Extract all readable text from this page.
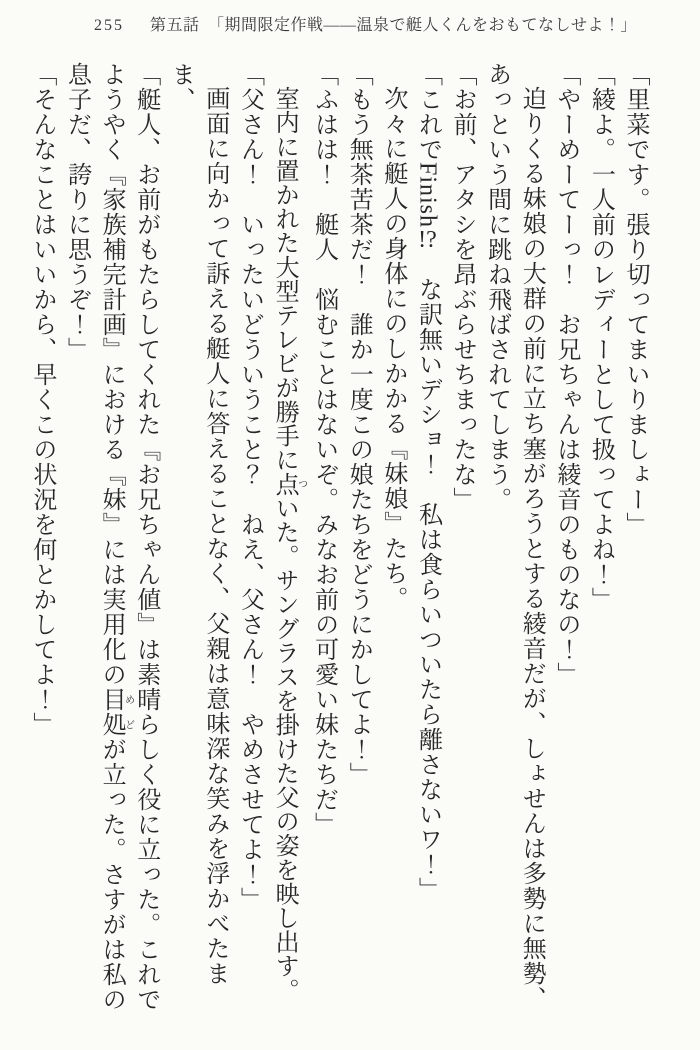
255 第五話　「期間限定作戦——温泉で艇人くんをおもてなしせよ！」

「里菜です。張り切ってまいりましょー」

「綾よ。一人前のレディーとして扱ってよね！」

「やーめーてーっ！　お兄ちゃんは綾音のものなの！」

迫りくる妹娘の大群の前に立ち塞がろうとする綾音だが、しょせんは多勢に無勢、あっという間に跳ね飛ばされてしまう。

「お前、アタシを昂ぶらせちまったな」

「これでFinish!?　な訳無いデショ！　私は食らいついたら離さないワ！」

次々に艇人の身体にのしかかる『妹娘』たち。

「もう無茶苦茶だ！　誰か一度この娘たちをどうにかしてよ！」

「ふはは！　艇人　悩むことはないぞ。みなお前の可愛い妹たちだ」

室内に置かれた大型テレビが勝手に点ついた。サングラスを掛けた父の姿を映し出す。

「父さん！　いったいどういうこと？　ねえ、父さん！　やめさせてよ！」

画面に向かって訴える艇人に答えることなく、父親は意味深な笑みを浮かべたまま、

「艇人、お前がもたらしてくれた『お兄ちゃん値』は素晴らしく役に立った。これでようやく『家族補完計画』における『妹』には実用化の目処めどが立った。さすがは私の息子だ、誇りに思うぞ！」

「そんなことはいいから、早くこの状況を何とかしてよ！」
